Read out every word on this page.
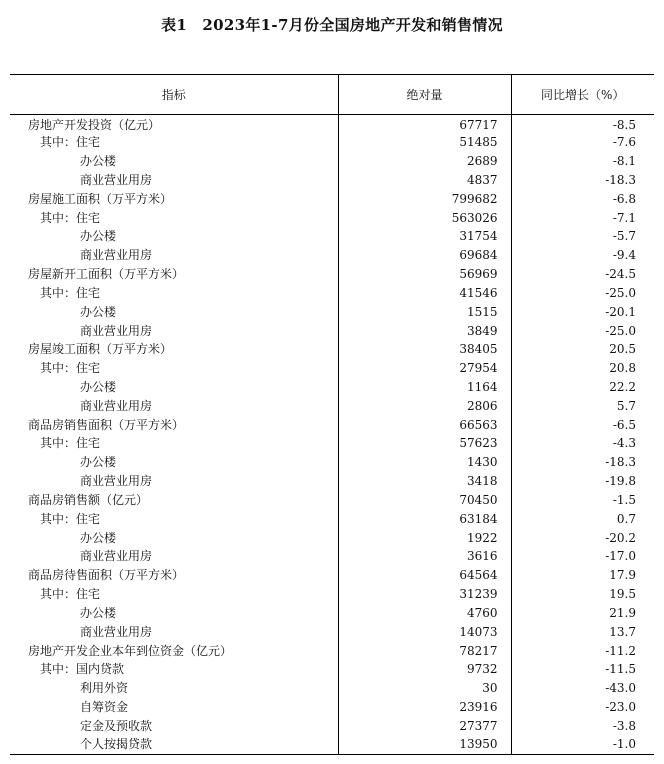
表1　2023年1-7月份全国房地产开发和销售情况
指标	绝对量	同比增长（%）
房地产开发投资（亿元）	67717	-8.5
其中：住宅	51485	-7.6
办公楼	2689	-8.1
商业营业用房	4837	-18.3
房屋施工面积（万平方米）	799682	-6.8
其中：住宅	563026	-7.1
办公楼	31754	-5.7
商业营业用房	69684	-9.4
房屋新开工面积（万平方米）	56969	-24.5
其中：住宅	41546	-25.0
办公楼	1515	-20.1
商业营业用房	3849	-25.0
房屋竣工面积（万平方米）	38405	20.5
其中：住宅	27954	20.8
办公楼	1164	22.2
商业营业用房	2806	5.7
商品房销售面积（万平方米）	66563	-6.5
其中：住宅	57623	-4.3
办公楼	1430	-18.3
商业营业用房	3418	-19.8
商品房销售额（亿元）	70450	-1.5
其中：住宅	63184	0.7
办公楼	1922	-20.2
商业营业用房	3616	-17.0
商品房待售面积（万平方米）	64564	17.9
其中：住宅	31239	19.5
办公楼	4760	21.9
商业营业用房	14073	13.7
房地产开发企业本年到位资金（亿元）	78217	-11.2
其中：国内贷款	9732	-11.5
利用外资	30	-43.0
自筹资金	23916	-23.0
定金及预收款	27377	-3.8
个人按揭贷款	13950	-1.0
